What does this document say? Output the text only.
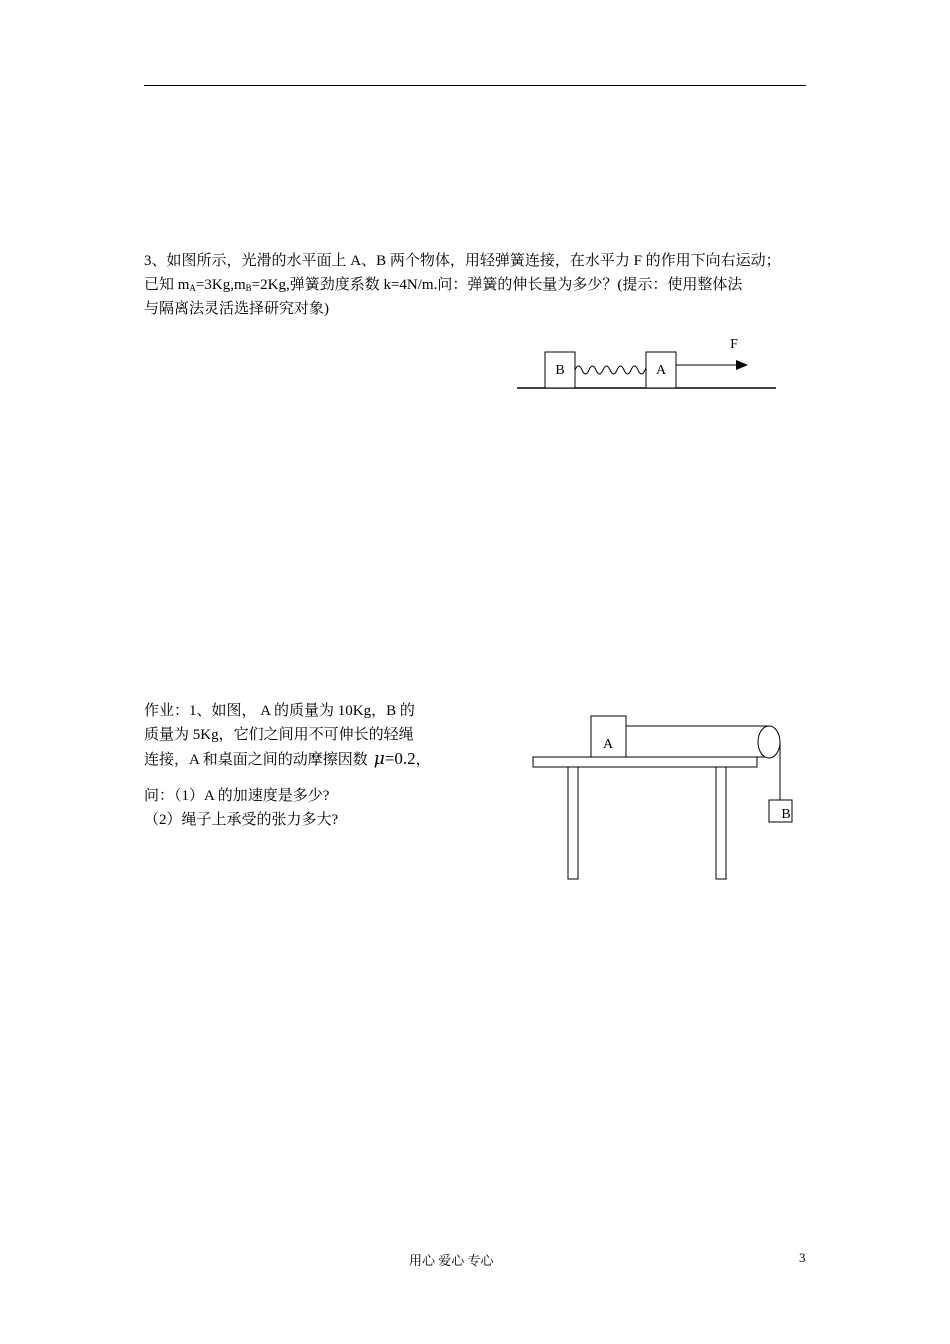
3、如图所示，光滑的水平面上 A、B 两个物体，用轻弹簧连接，在水平力 F 的作用下向右运动；
已知 $m_A=3Kg,m_B=2Kg$,弹簧劲度系数 k=4N/m.问：弹簧的伸长量为多少？(提示：使用整体法
与隔离法灵活选择研究对象)
B	A
F
作业：1、如图， A 的质量为 10Kg，B 的
质量为 5Kg，它们之间用不可伸长的轻绳
连接，A 和桌面之间的动摩擦因数 μ=0.2，
问：（1）A 的加速度是多少?
（2）绳子上承受的张力多大?
A
B
用心 爱心 专心	3
